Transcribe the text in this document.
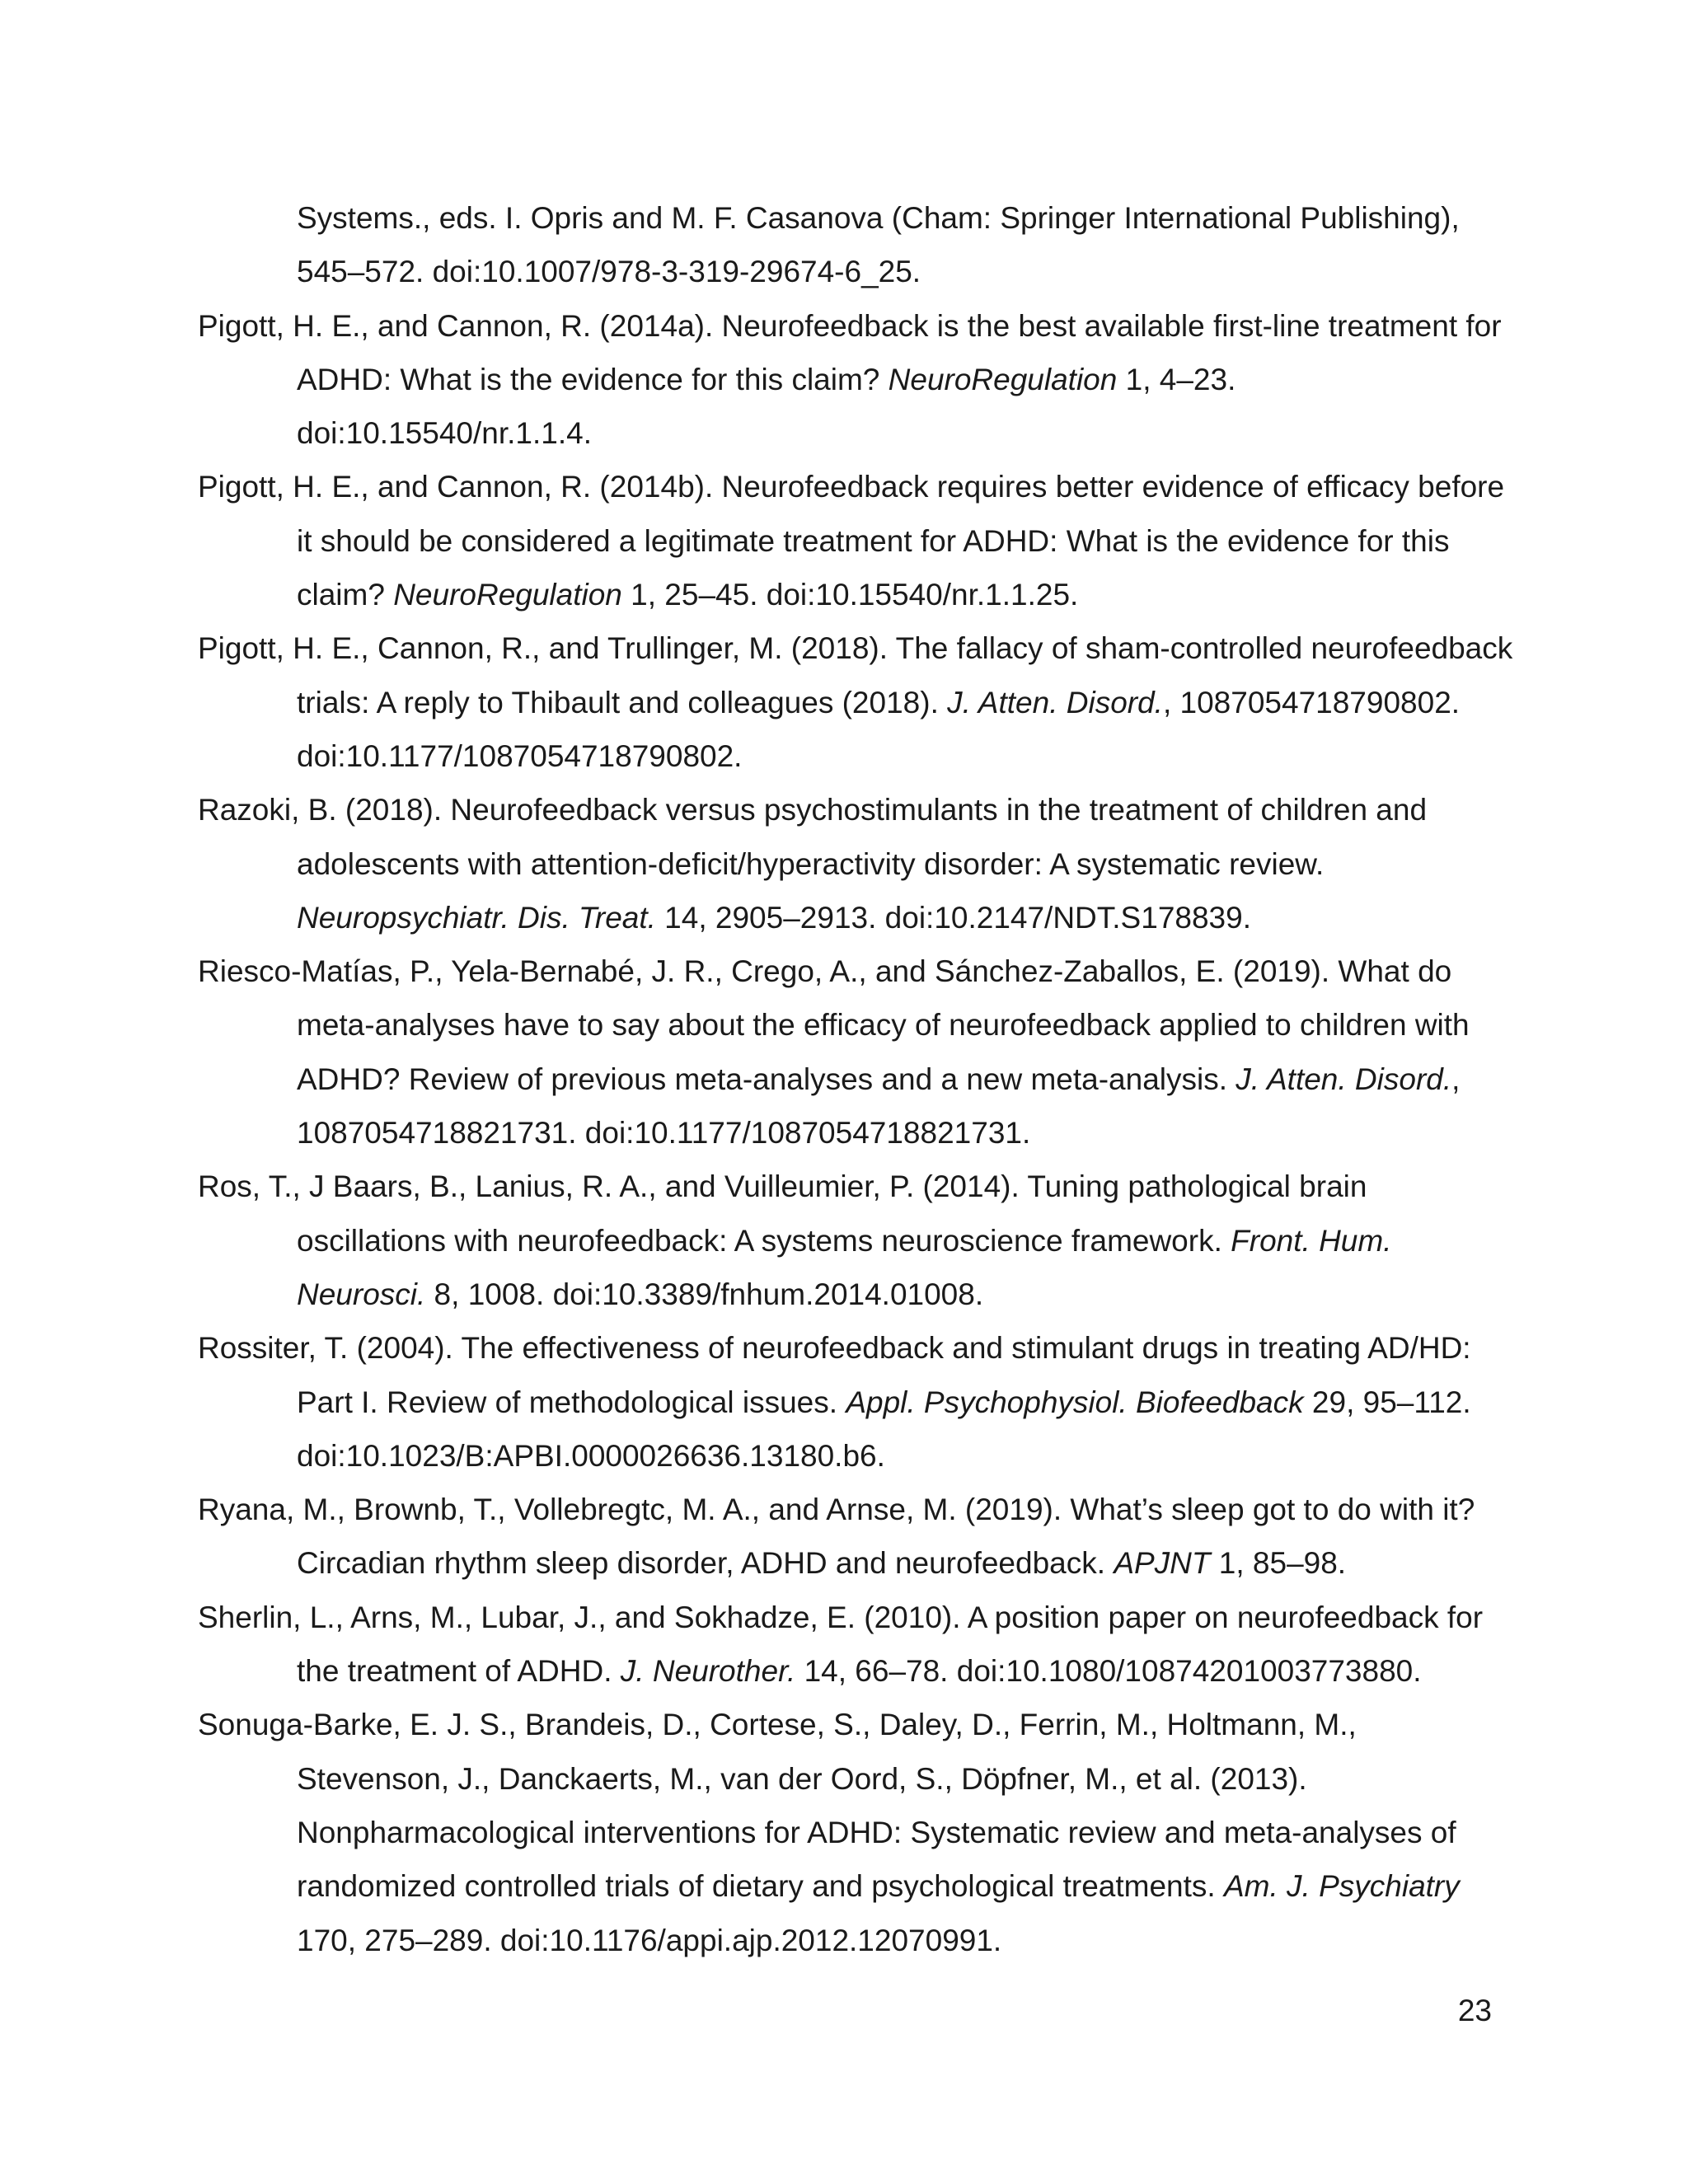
Systems., eds. I. Opris and M. F. Casanova (Cham: Springer International Publishing), 545–572. doi:10.1007/978-3-319-29674-6_25.

Pigott, H. E., and Cannon, R. (2014a). Neurofeedback is the best available first-line treatment for ADHD: What is the evidence for this claim? NeuroRegulation 1, 4–23. doi:10.15540/nr.1.1.4.

Pigott, H. E., and Cannon, R. (2014b). Neurofeedback requires better evidence of efficacy before it should be considered a legitimate treatment for ADHD: What is the evidence for this claim? NeuroRegulation 1, 25–45. doi:10.15540/nr.1.1.25.

Pigott, H. E., Cannon, R., and Trullinger, M. (2018). The fallacy of sham-controlled neurofeedback trials: A reply to Thibault and colleagues (2018). J. Atten. Disord., 1087054718790802. doi:10.1177/1087054718790802.

Razoki, B. (2018). Neurofeedback versus psychostimulants in the treatment of children and adolescents with attention-deficit/hyperactivity disorder: A systematic review. Neuropsychiatr. Dis. Treat. 14, 2905–2913. doi:10.2147/NDT.S178839.

Riesco-Matías, P., Yela-Bernabé, J. R., Crego, A., and Sánchez-Zaballos, E. (2019). What do meta-analyses have to say about the efficacy of neurofeedback applied to children with ADHD? Review of previous meta-analyses and a new meta-analysis. J. Atten. Disord., 1087054718821731. doi:10.1177/1087054718821731.

Ros, T., J Baars, B., Lanius, R. A., and Vuilleumier, P. (2014). Tuning pathological brain oscillations with neurofeedback: A systems neuroscience framework. Front. Hum. Neurosci. 8, 1008. doi:10.3389/fnhum.2014.01008.

Rossiter, T. (2004). The effectiveness of neurofeedback and stimulant drugs in treating AD/HD: Part I. Review of methodological issues. Appl. Psychophysiol. Biofeedback 29, 95–112. doi:10.1023/B:APBI.0000026636.13180.b6.

Ryana, M., Brownb, T., Vollebregtc, M. A., and Arnse, M. (2019). What’s sleep got to do with it? Circadian rhythm sleep disorder, ADHD and neurofeedback. APJNT 1, 85–98.

Sherlin, L., Arns, M., Lubar, J., and Sokhadze, E. (2010). A position paper on neurofeedback for the treatment of ADHD. J. Neurother. 14, 66–78. doi:10.1080/10874201003773880.

Sonuga-Barke, E. J. S., Brandeis, D., Cortese, S., Daley, D., Ferrin, M., Holtmann, M., Stevenson, J., Danckaerts, M., van der Oord, S., Döpfner, M., et al. (2013). Nonpharmacological interventions for ADHD: Systematic review and meta-analyses of randomized controlled trials of dietary and psychological treatments. Am. J. Psychiatry 170, 275–289. doi:10.1176/appi.ajp.2012.12070991.

23
